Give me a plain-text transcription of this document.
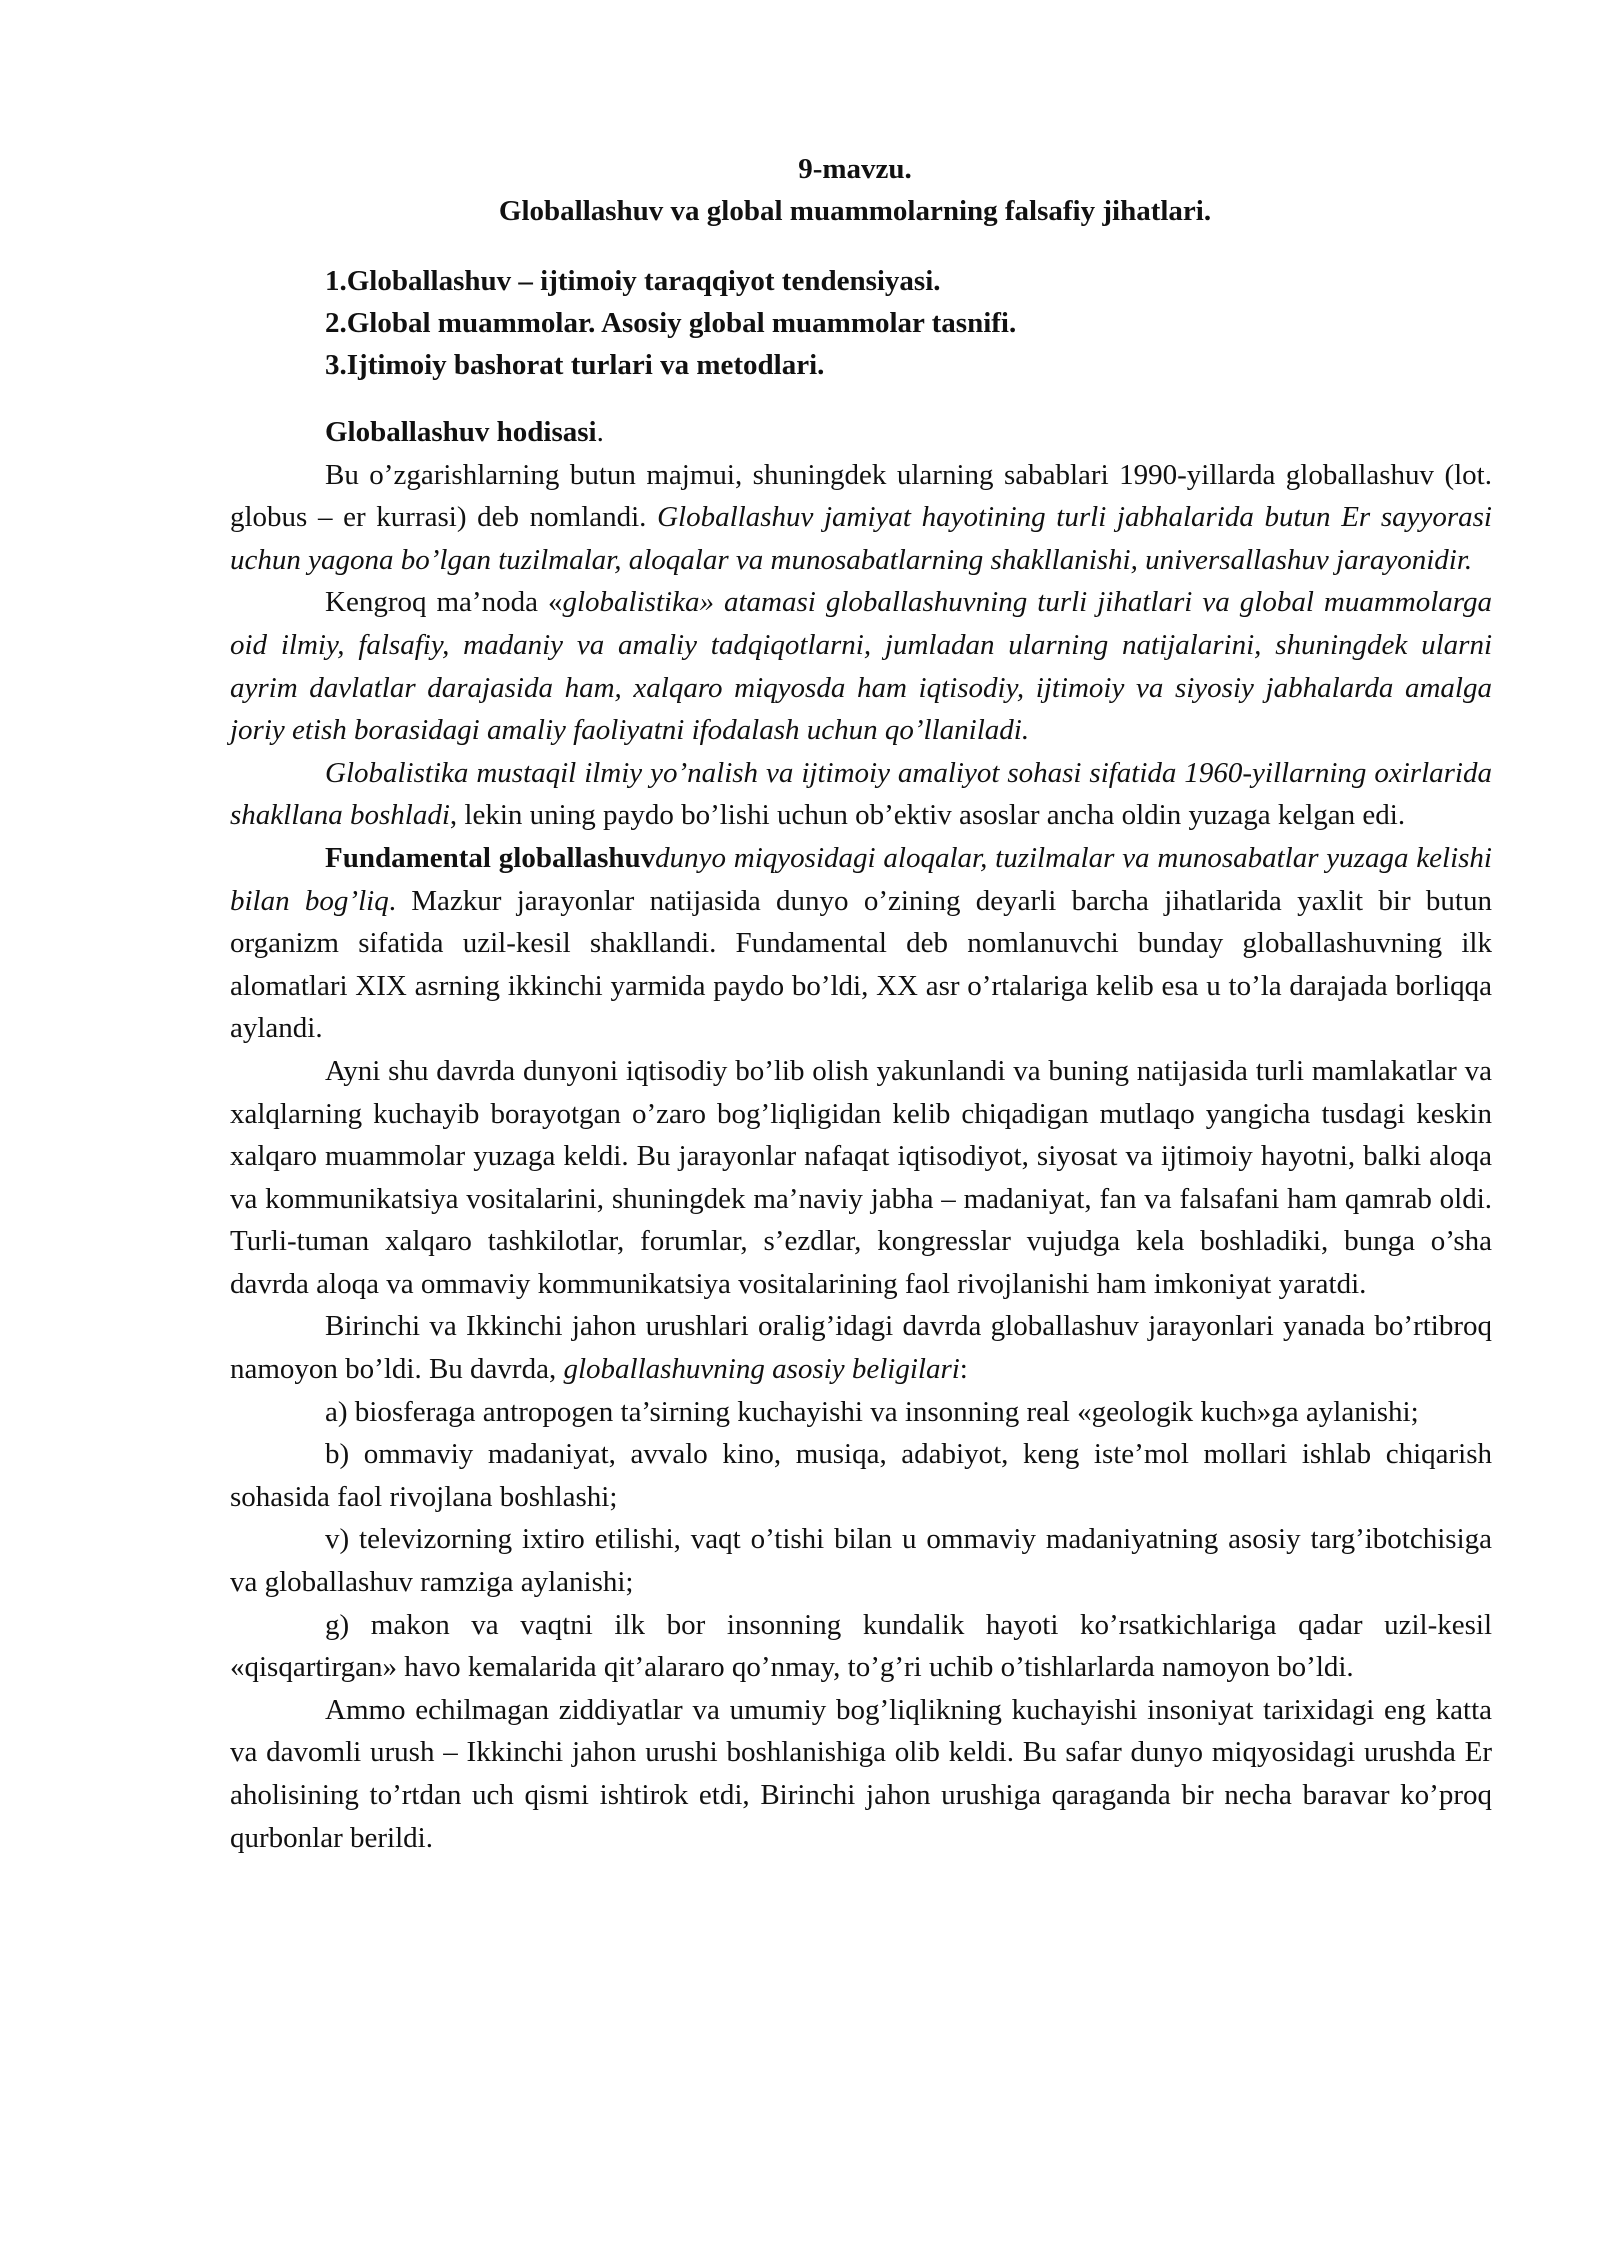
9-mavzu.
Globallashuv va global muammolarning falsafiy jihatlari.
1.Globallashuv – ijtimoiy taraqqiyot tendensiyasi.
2.Global muammolar. Asosiy global muammolar tasnifi.
3.Ijtimoiy bashorat turlari va metodlari.

Globallashuv hodisasi.

Bu o’zgarishlarning butun majmui, shuningdek ularning sabablari 1990-yillarda globallashuv (lot. globus – er kurrasi) deb nomlandi. Globallashuv jamiyat hayotining turli jabhalarida butun Er sayyorasi uchun yagona bo’lgan tuzilmalar, aloqalar va munosabatlarning shakllanishi, universallashuv jarayonidir.

Kengroq ma’noda «globalistika» atamasi globallashuvning turli jihatlari va global muammolarga oid ilmiy, falsafiy, madaniy va amaliy tadqiqotlarni, jumladan ularning natijalarini, shuningdek ularni ayrim davlatlar darajasida ham, xalqaro miqyosda ham iqtisodiy, ijtimoiy va siyosiy jabhalarda amalga joriy etish borasidagi amaliy faoliyatni ifodalash uchun qo’llaniladi.

Globalistika mustaqil ilmiy yo’nalish va ijtimoiy amaliyot sohasi sifatida 1960-yillarning oxirlarida shakllana boshladi, lekin uning paydo bo’lishi uchun ob’ektiv asoslar ancha oldin yuzaga kelgan edi.

Fundamental globallashuvdunyo miqyosidagi aloqalar, tuzilmalar va munosabatlar yuzaga kelishi bilan bog’liq. Mazkur jarayonlar natijasida dunyo o’zining deyarli barcha jihatlarida yaxlit bir butun organizm sifatida uzil-kesil shakllandi. Fundamental deb nomlanuvchi bunday globallashuvning ilk alomatlari XIX asrning ikkinchi yarmida paydo bo’ldi, XX asr o’rtalariga kelib esa u to’la darajada borliqqa aylandi.

Ayni shu davrda dunyoni iqtisodiy bo’lib olish yakunlandi va buning natijasida turli mamlakatlar va xalqlarning kuchayib borayotgan o’zaro bog’liqligidan kelib chiqadigan mutlaqo yangicha tusdagi keskin xalqaro muammolar yuzaga keldi. Bu jarayonlar nafaqat iqtisodiyot, siyosat va ijtimoiy hayotni, balki aloqa va kommunikatsiya vositalarini, shuningdek ma’naviy jabha – madaniyat, fan va falsafani ham qamrab oldi. Turli-tuman xalqaro tashkilotlar, forumlar, s’ezdlar, kongresslar vujudga kela boshladiki, bunga o’sha davrda aloqa va ommaviy kommunikatsiya vositalarining faol rivojlanishi ham imkoniyat yaratdi.

Birinchi va Ikkinchi jahon urushlari oralig’idagi davrda globallashuv jarayonlari yanada bo’rtibroq namoyon bo’ldi. Bu davrda, globallashuvning asosiy beligilari:

a) biosferaga antropogen ta’sirning kuchayishi va insonning real «geologik kuch»ga aylanishi;

b) ommaviy madaniyat, avvalo kino, musiqa, adabiyot, keng iste’mol mollari ishlab chiqarish sohasida faol rivojlana boshlashi;

v) televizorning ixtiro etilishi, vaqt o’tishi bilan u ommaviy madaniyatning asosiy targ’ibotchisiga va globallashuv ramziga aylanishi;

g) makon va vaqtni ilk bor insonning kundalik hayoti ko’rsatkichlariga qadar uzil-kesil «qisqartirgan» havo kemalarida qit’alararo qo’nmay, to’g’ri uchib o’tishlarlarda namoyon bo’ldi.

Ammo echilmagan ziddiyatlar va umumiy bog’liqlikning kuchayishi insoniyat tarixidagi eng katta va davomli urush – Ikkinchi jahon urushi boshlanishiga olib keldi. Bu safar dunyo miqyosidagi urushda Er aholisining to’rtdan uch qismi ishtirok etdi, Birinchi jahon urushiga qaraganda bir necha baravar ko’proq qurbonlar berildi.
